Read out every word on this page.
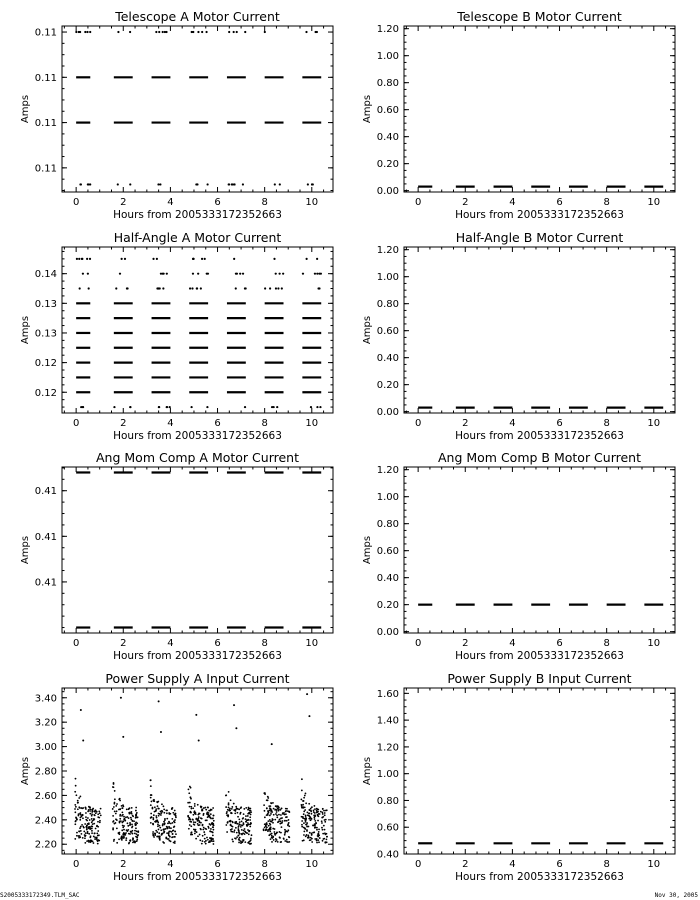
Telescope A Motor Current
Amps
Hours from 2005333172352663
0	2	4	6	8	10
0.11
0.11
0.11
0.11
Telescope B Motor Current
Amps
Hours from 2005333172352663
0	2	4	6	8	10
0.00
0.20
0.40
0.60
0.80
1.00
1.20
Half-Angle A Motor Current
Amps
Hours from 2005333172352663
0	2	4	6	8	10
0.12
0.12
0.13
0.13
0.14
Half-Angle B Motor Current
Amps
Hours from 2005333172352663
0	2	4	6	8	10
0.00
0.20
0.40
0.60
0.80
1.00
1.20
Ang Mom Comp A Motor Current
Amps
Hours from 2005333172352663
0	2	4	6	8	10
0.41
0.41
0.41
Ang Mom Comp B Motor Current
Amps
Hours from 2005333172352663
0	2	4	6	8	10
0.00
0.20
0.40
0.60
0.80
1.00
1.20
Power Supply A Input Current
Amps
Hours from 2005333172352663
0	2	4	6	8	10
2.20
2.40
2.60
2.80
3.00
3.20
3.40
Power Supply B Input Current
Amps
Hours from 2005333172352663
0	2	4	6	8	10
0.40
0.60
0.80
1.00
1.20
1.40
1.60
S2005333172349.TLM_SAC	Nov 30, 2005
